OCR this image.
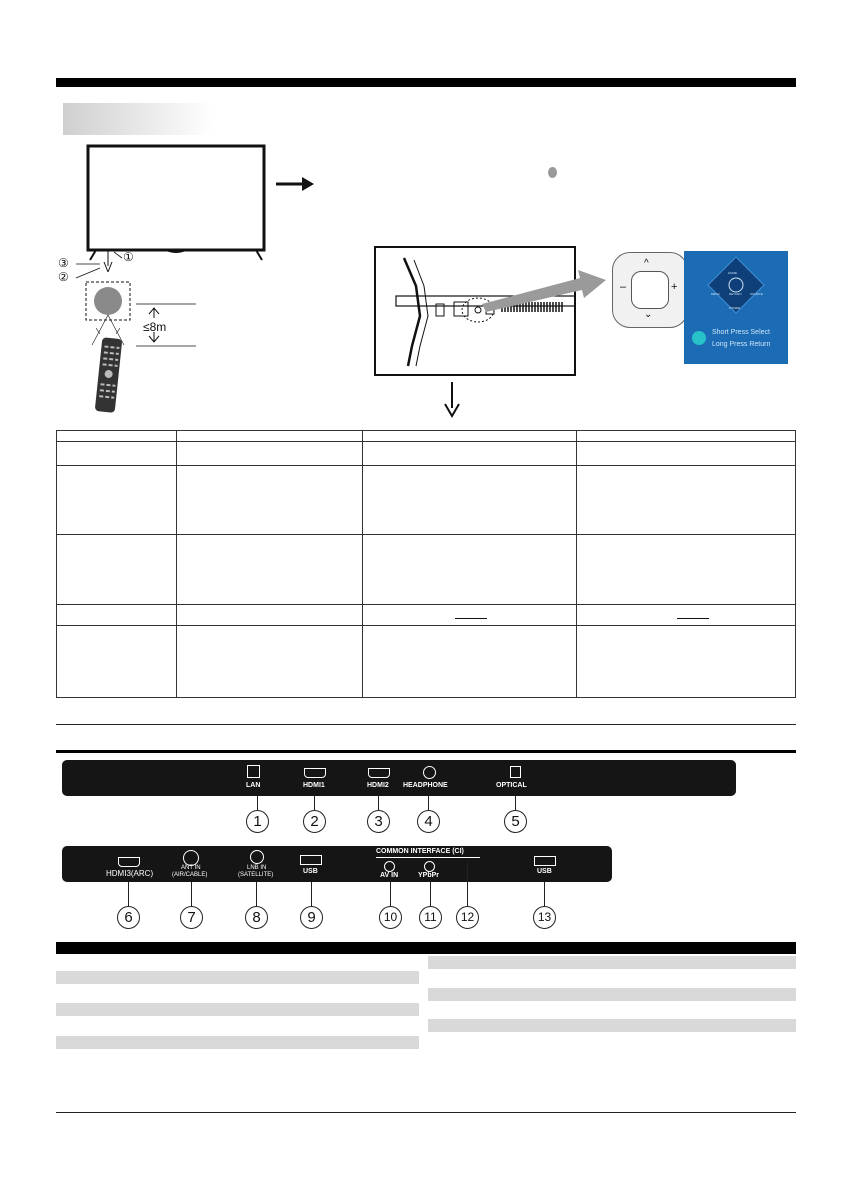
①
③
②
≤8m
^
⌄
–	+
HOME
SOURCE
MENU	RETURN
POWER
Short Press Select
Long Press Return

LAN	HDMI1	HDMI2 HEADPHONE	OPTICAL
1	2	3	4	5
HDMI3(ARC)
ANT IN
(AIR/CABLE)
LNB IN
(SATELLITE)	USB
COMMON INTERFACE (CI)
AV IN	YPbPr
USB
6	7	8	9	10	11	12	13
